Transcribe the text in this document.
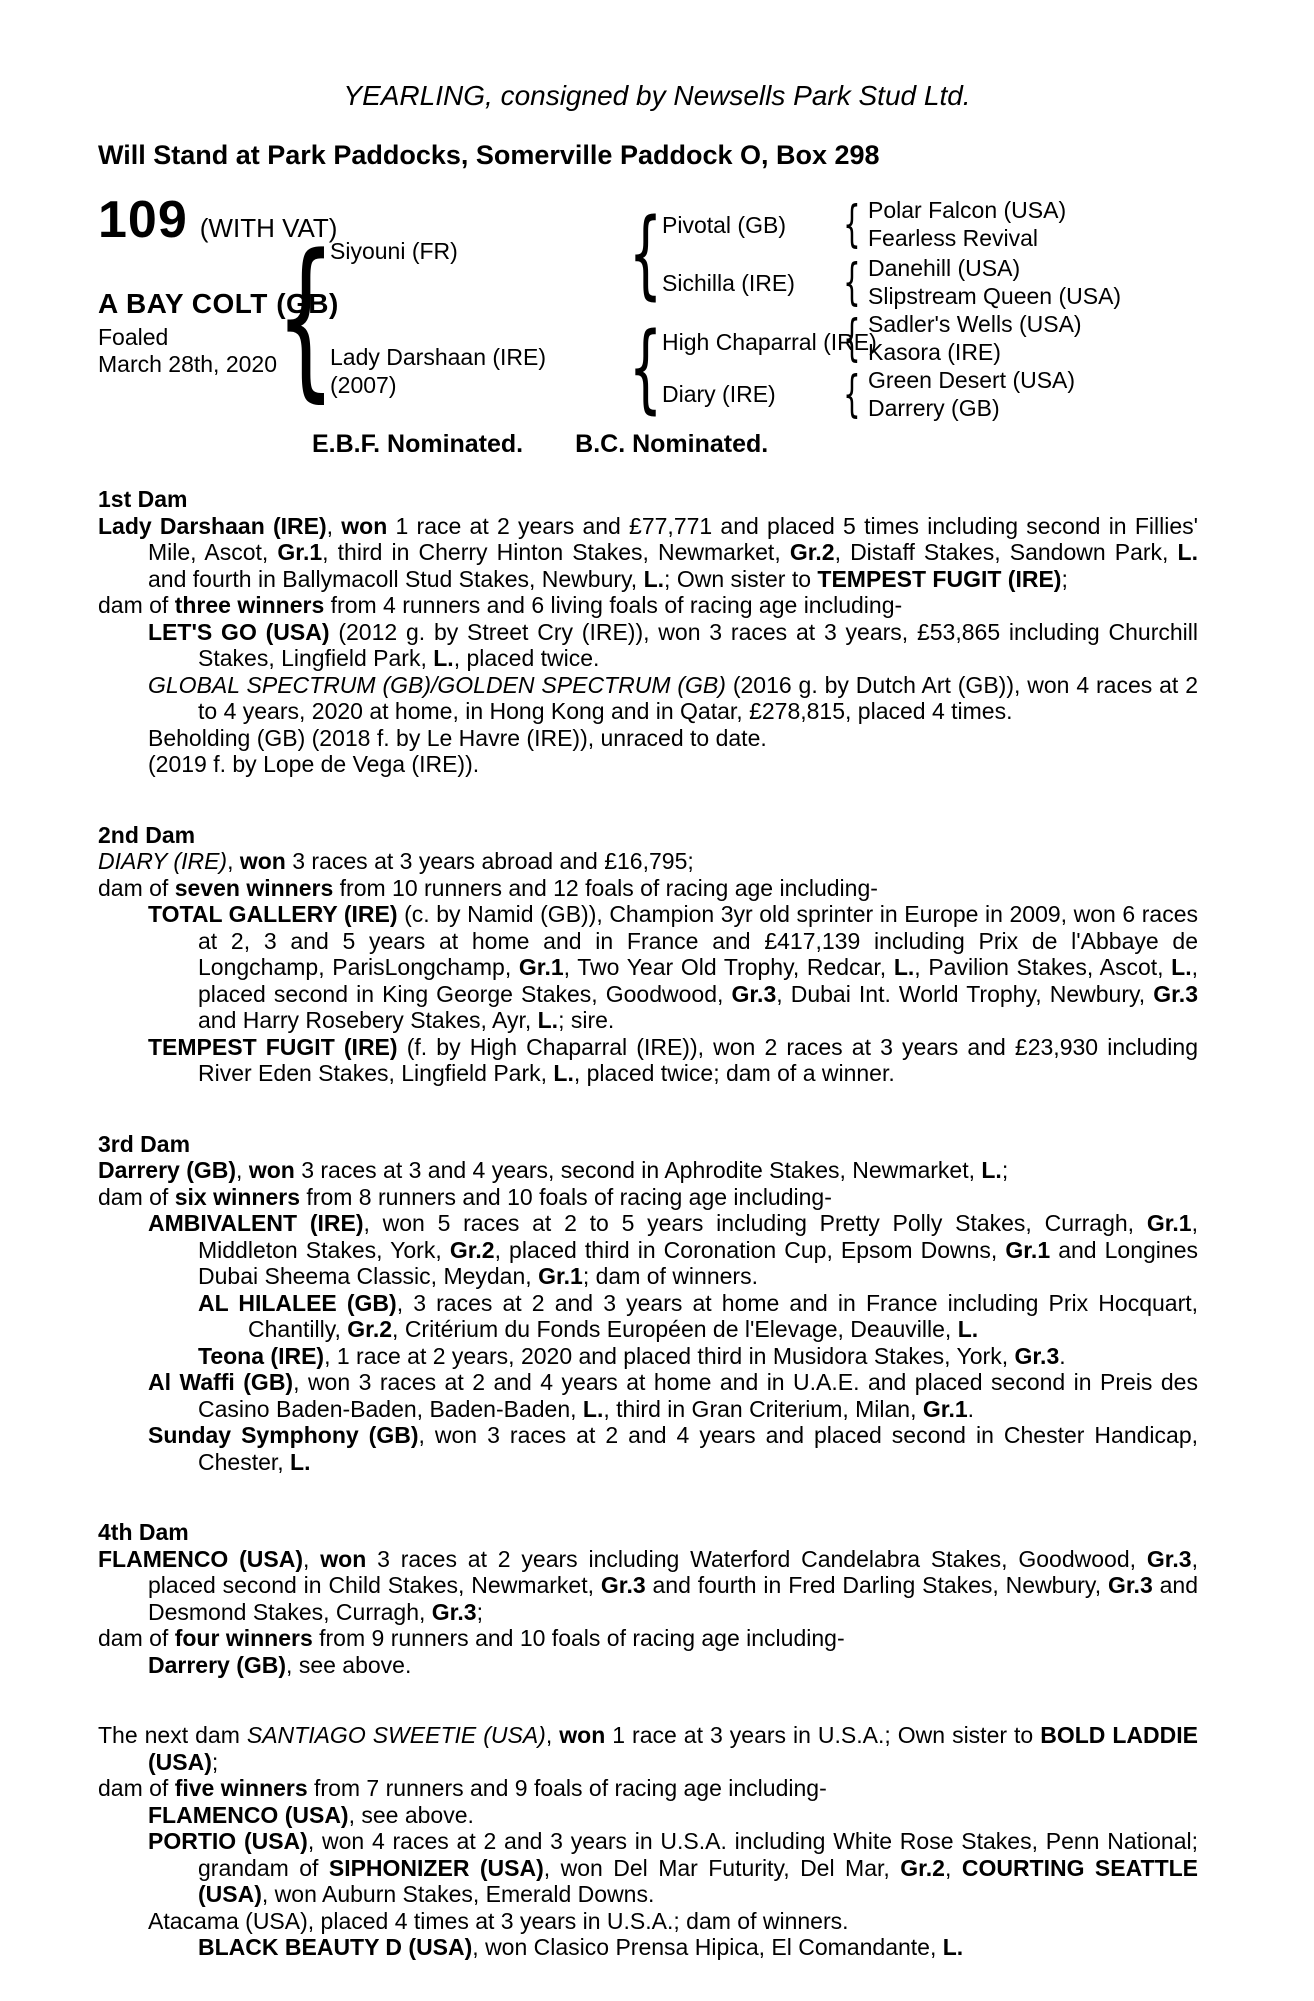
YEARLING, consigned by Newsells Park Stud Ltd.
Will Stand at Park Paddocks, Somerville Paddock O, Box 298
109 (WITH VAT)
A BAY COLT (GB)
Foaled
March 28th, 2020
{
Siyouni (FR)
Lady Darshaan (IRE)
(2007)
{
{
Pivotal (GB)
Sichilla (IRE)
High Chaparral (IRE)
Diary (IRE)
{
{
{
{
Polar Falcon (USA)
Fearless Revival
Danehill (USA)
Slipstream Queen (USA)
Sadler's Wells (USA)
Kasora (IRE)
Green Desert (USA)
Darrery (GB)
E.B.F. Nominated. B.C. Nominated.
1st Dam
Lady Darshaan (IRE), won 1 race at 2 years and £77,771 and placed 5 times including second in Fillies' Mile, Ascot, Gr.1, third in Cherry Hinton Stakes, Newmarket, Gr.2, Distaff Stakes, Sandown Park, L. and fourth in Ballymacoll Stud Stakes, Newbury, L.; Own sister to TEMPEST FUGIT (IRE);
dam of three winners from 4 runners and 6 living foals of racing age including-
LET'S GO (USA) (2012 g. by Street Cry (IRE)), won 3 races at 3 years, £53,865 including Churchill Stakes, Lingfield Park, L., placed twice.
GLOBAL SPECTRUM (GB)/GOLDEN SPECTRUM (GB) (2016 g. by Dutch Art (GB)), won 4 races at 2 to 4 years, 2020 at home, in Hong Kong and in Qatar, £278,815, placed 4 times.
Beholding (GB) (2018 f. by Le Havre (IRE)), unraced to date.
(2019 f. by Lope de Vega (IRE)).
2nd Dam
DIARY (IRE), won 3 races at 3 years abroad and £16,795;
dam of seven winners from 10 runners and 12 foals of racing age including-
TOTAL GALLERY (IRE) (c. by Namid (GB)), Champion 3yr old sprinter in Europe in 2009, won 6 races at 2, 3 and 5 years at home and in France and £417,139 including Prix de l'Abbaye de Longchamp, ParisLongchamp, Gr.1, Two Year Old Trophy, Redcar, L., Pavilion Stakes, Ascot, L., placed second in King George Stakes, Goodwood, Gr.3, Dubai Int. World Trophy, Newbury, Gr.3 and Harry Rosebery Stakes, Ayr, L.; sire.
TEMPEST FUGIT (IRE) (f. by High Chaparral (IRE)), won 2 races at 3 years and £23,930 including River Eden Stakes, Lingfield Park, L., placed twice; dam of a winner.
3rd Dam
Darrery (GB), won 3 races at 3 and 4 years, second in Aphrodite Stakes, Newmarket, L.;
dam of six winners from 8 runners and 10 foals of racing age including-
AMBIVALENT (IRE), won 5 races at 2 to 5 years including Pretty Polly Stakes, Curragh, Gr.1, Middleton Stakes, York, Gr.2, placed third in Coronation Cup, Epsom Downs, Gr.1 and Longines Dubai Sheema Classic, Meydan, Gr.1; dam of winners.
AL HILALEE (GB), 3 races at 2 and 3 years at home and in France including Prix Hocquart, Chantilly, Gr.2, Critérium du Fonds Européen de l'Elevage, Deauville, L.
Teona (IRE), 1 race at 2 years, 2020 and placed third in Musidora Stakes, York, Gr.3.
Al Waffi (GB), won 3 races at 2 and 4 years at home and in U.A.E. and placed second in Preis des Casino Baden-Baden, Baden-Baden, L., third in Gran Criterium, Milan, Gr.1.
Sunday Symphony (GB), won 3 races at 2 and 4 years and placed second in Chester Handicap, Chester, L.
4th Dam
FLAMENCO (USA), won 3 races at 2 years including Waterford Candelabra Stakes, Goodwood, Gr.3, placed second in Child Stakes, Newmarket, Gr.3 and fourth in Fred Darling Stakes, Newbury, Gr.3 and Desmond Stakes, Curragh, Gr.3;
dam of four winners from 9 runners and 10 foals of racing age including-
Darrery (GB), see above.
The next dam SANTIAGO SWEETIE (USA), won 1 race at 3 years in U.S.A.; Own sister to BOLD LADDIE (USA);
dam of five winners from 7 runners and 9 foals of racing age including-
FLAMENCO (USA), see above.
PORTIO (USA), won 4 races at 2 and 3 years in U.S.A. including White Rose Stakes, Penn National; grandam of SIPHONIZER (USA), won Del Mar Futurity, Del Mar, Gr.2, COURTING SEATTLE (USA), won Auburn Stakes, Emerald Downs.
Atacama (USA), placed 4 times at 3 years in U.S.A.; dam of winners.
BLACK BEAUTY D (USA), won Clasico Prensa Hipica, El Comandante, L.
